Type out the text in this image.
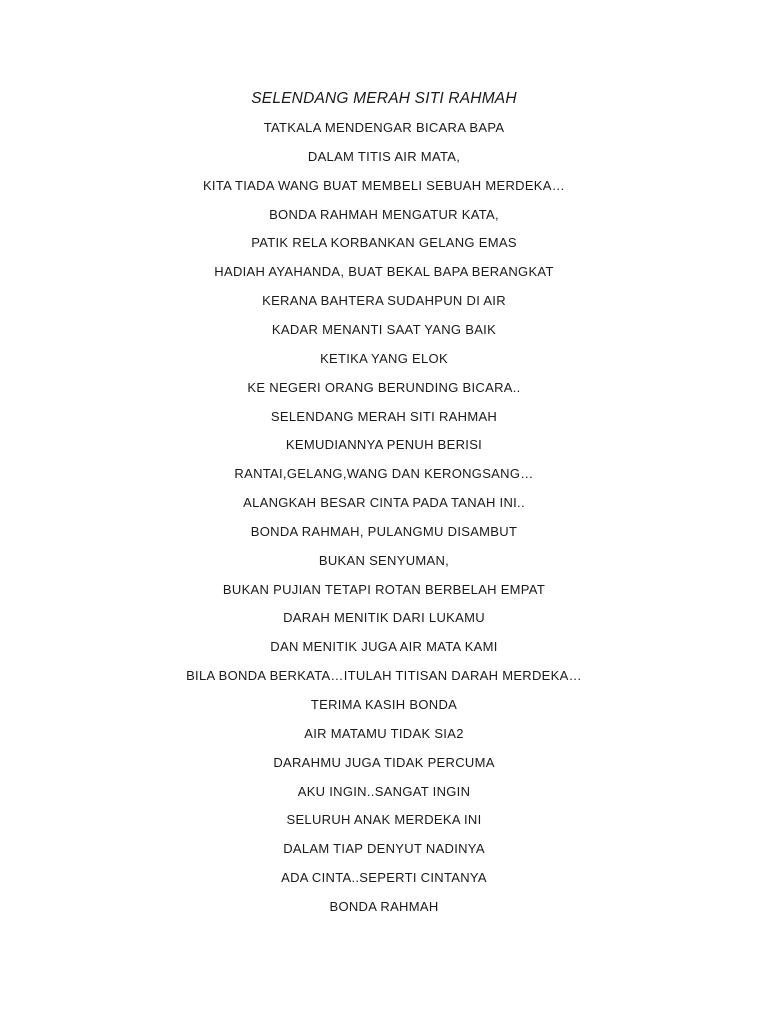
SELENDANG MERAH SITI RAHMAH
TATKALA MENDENGAR BICARA BAPA
DALAM TITIS AIR MATA,
KITA TIADA WANG BUAT MEMBELI SEBUAH MERDEKA…
BONDA RAHMAH MENGATUR KATA,
PATIK RELA KORBANKAN GELANG EMAS
HADIAH AYAHANDA, BUAT BEKAL BAPA BERANGKAT
KERANA BAHTERA SUDAHPUN DI AIR
KADAR MENANTI SAAT YANG BAIK
KETIKA YANG ELOK
KE NEGERI ORANG BERUNDING BICARA..
SELENDANG MERAH SITI RAHMAH
KEMUDIANNYA PENUH BERISI
RANTAI,GELANG,WANG DAN KERONGSANG…
ALANGKAH BESAR CINTA PADA TANAH INI..
BONDA RAHMAH, PULANGMU DISAMBUT
BUKAN SENYUMAN,
BUKAN PUJIAN TETAPI ROTAN BERBELAH EMPAT
DARAH MENITIK DARI LUKAMU
DAN MENITIK JUGA AIR MATA KAMI
BILA BONDA BERKATA…ITULAH TITISAN DARAH MERDEKA…
TERIMA KASIH BONDA
AIR MATAMU TIDAK SIA2
DARAHMU JUGA TIDAK PERCUMA
AKU INGIN..SANGAT INGIN
SELURUH ANAK MERDEKA INI
DALAM TIAP DENYUT NADINYA
ADA CINTA..SEPERTI CINTANYA
BONDA RAHMAH
